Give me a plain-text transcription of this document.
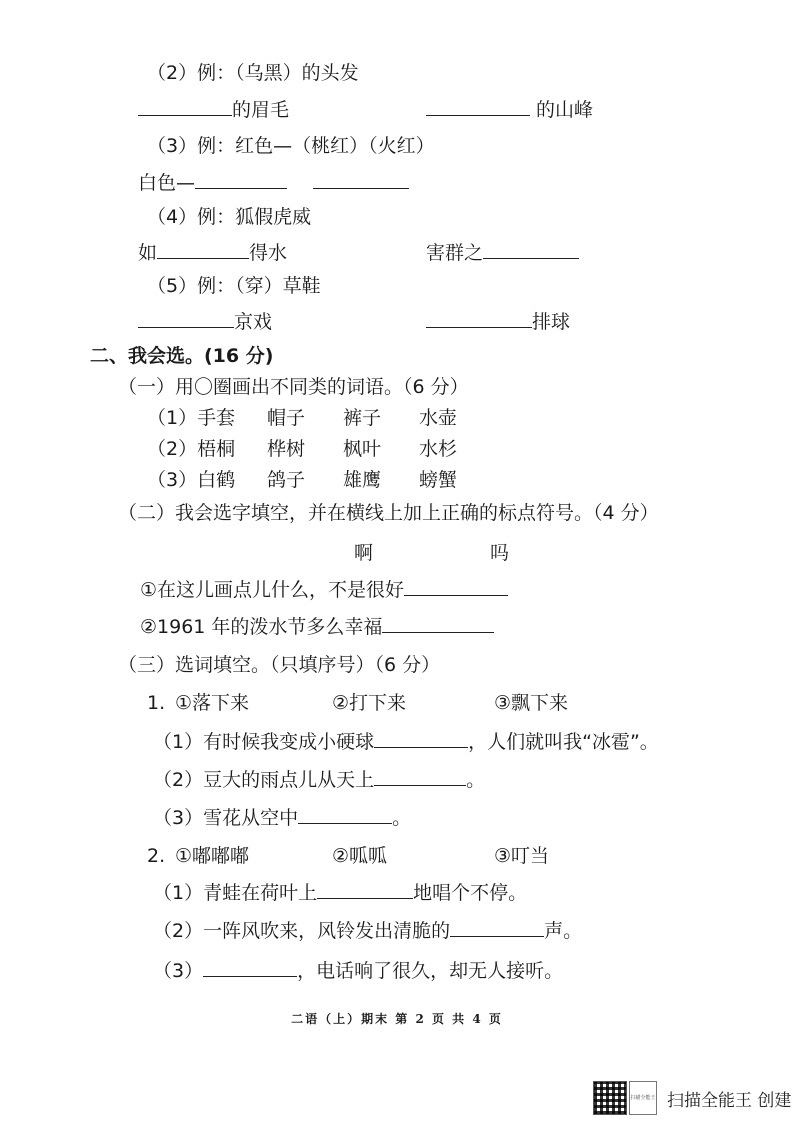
（2）例：（乌黑）的头发
的眉毛	的山峰
（3）例：红色—（桃红）（火红）
白色—
（4）例：狐假虎威
如	得水	害群之
（5）例：（穿）草鞋
京戏	排球
二、我会选。(16 分)
（一）用〇圈画出不同类的词语。（6 分）
（1）手套 帽子 裤子 水壶
（2）梧桐 桦树 枫叶 水杉
（3）白鹤 鸽子 雄鹰 螃蟹
（二）我会选字填空，并在横线上加上正确的标点符号。（4 分）
啊	吗
①在这儿画点儿什么，不是很好
②1961 年的泼水节多么幸福
（三）选词填空。（只填序号）（6 分）
1. ①落下来	②打下来	③飘下来
（1）有时候我变成小硬球	，人们就叫我“冰雹”。
（2）豆大的雨点儿从天上	。
（3）雪花从空中	。
2. ①嘟嘟嘟	②呱呱	③叮当
（1）青蛙在荷叶上	地唱个不停。
（2）一阵风吹来，风铃发出清脆的	声。
（3）	，电话响了很久，却无人接听。
二语（上）期末 第 2 页 共 4 页
扫描全能王 扫描全能王 创建
